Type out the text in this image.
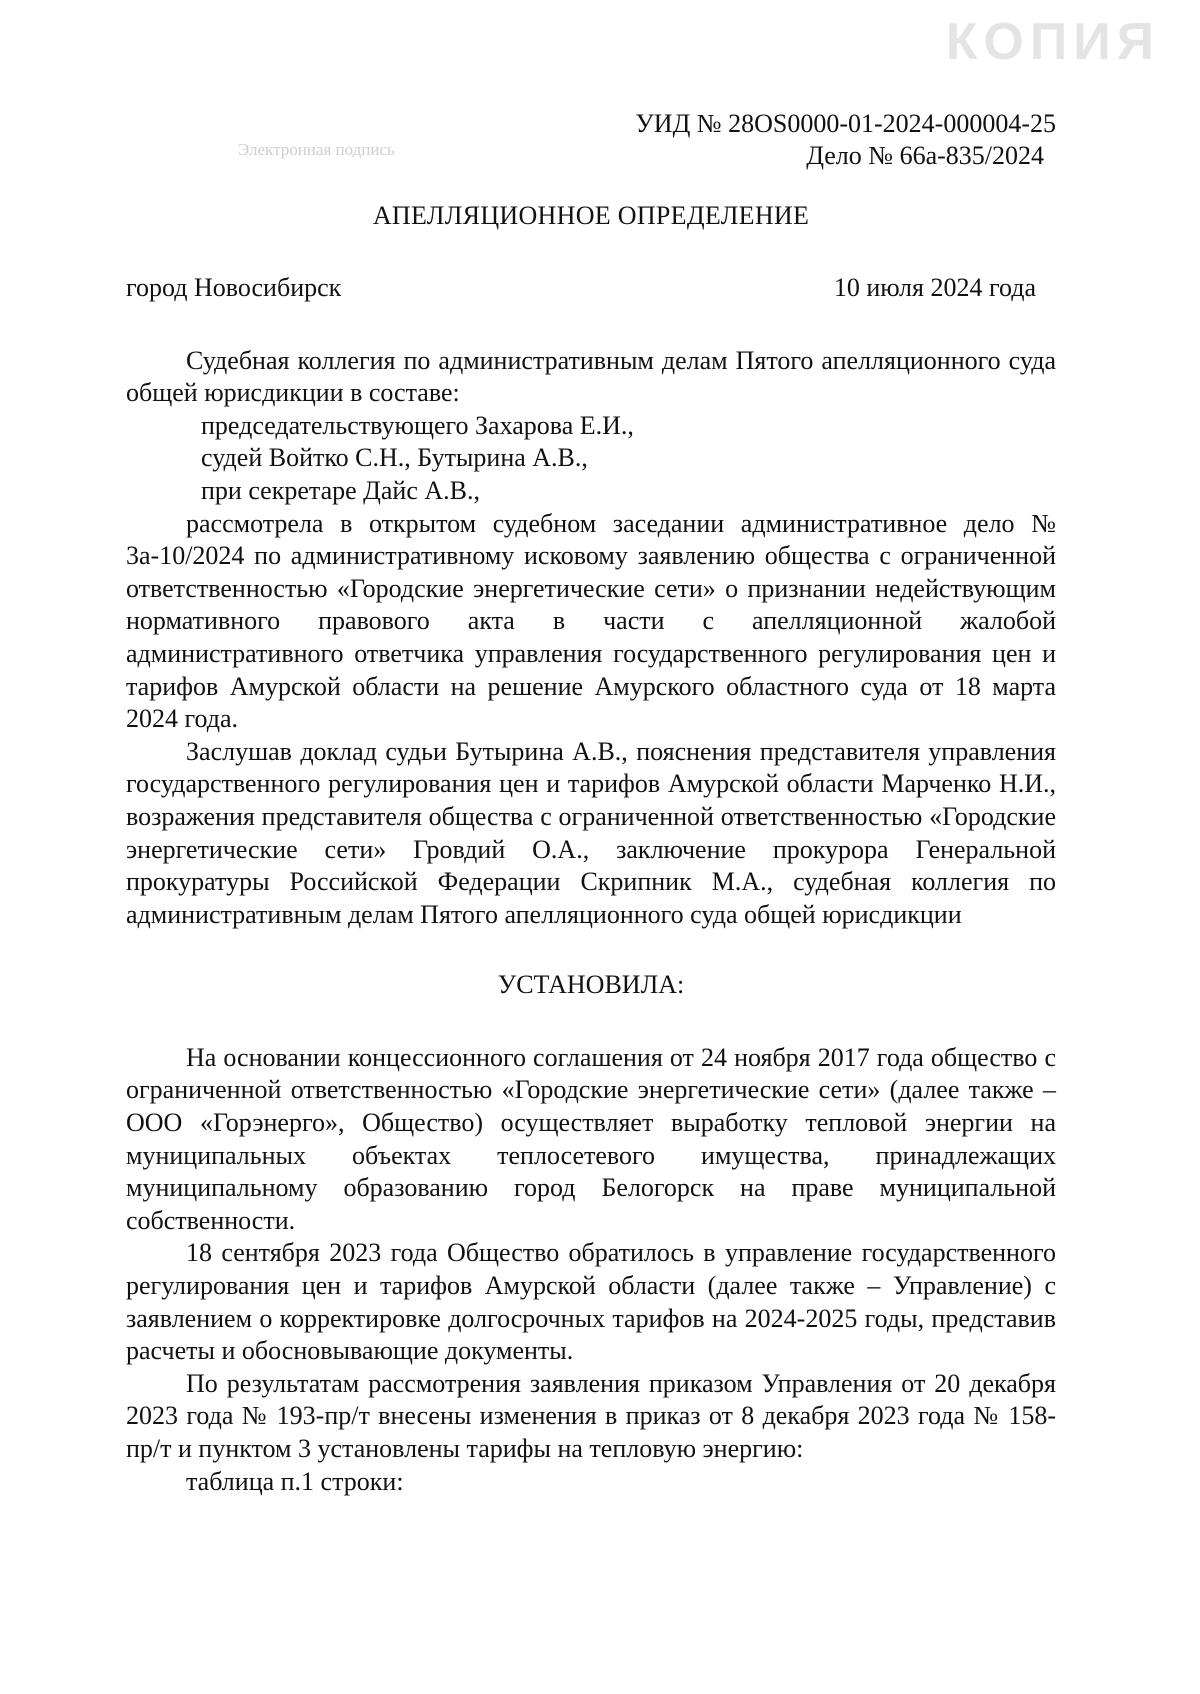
КОПИЯ
Электронная подпись
УИД № 28OS0000-01-2024-000004-25
Дело № 66а-835/2024
АПЕЛЛЯЦИОННОЕ ОПРЕДЕЛЕНИЕ
город Новосибирск	10 июля 2024 года

Судебная коллегия по административным делам Пятого апелляционного суда общей юрисдикции в составе:

председательствующего Захарова Е.И.,

судей Войтко С.Н., Бутырина А.В.,

при секретаре Дайс А.В.,

рассмотрела в открытом судебном заседании административное дело № 3а-10/2024 по административному исковому заявлению общества с ограниченной ответственностью «Городские энергетические сети» о признании недействующим нормативного правового акта в части с апелляционной жалобой административного ответчика управления государственного регулирования цен и тарифов Амурской области на решение Амурского областного суда от 18 марта 2024 года.

Заслушав доклад судьи Бутырина А.В., пояснения представителя управления государственного регулирования цен и тарифов Амурской области Марченко Н.И., возражения представителя общества с ограниченной ответственностью «Городские энергетические сети» Гровдий О.А., заключение прокурора Генеральной прокуратуры Российской Федерации Скрипник М.А., судебная коллегия по административным делам Пятого апелляционного суда общей юрисдикции

УСТАНОВИЛА:

На основании концессионного соглашения от 24 ноября 2017 года общество с ограниченной ответственностью «Городские энергетические сети» (далее также – ООО «Горэнерго», Общество) осуществляет выработку тепловой энергии на муниципальных объектах теплосетевого имущества, принадлежащих муниципальному образованию город Белогорск на праве муниципальной собственности.

18 сентября 2023 года Общество обратилось в управление государственного регулирования цен и тарифов Амурской области (далее также – Управление) с заявлением о корректировке долгосрочных тарифов на 2024-2025 годы, представив расчеты и обосновывающие документы.

По результатам рассмотрения заявления приказом Управления от 20 декабря 2023 года № 193-пр/т внесены изменения в приказ от 8 декабря 2023 года № 158-пр/т и пунктом 3 установлены тарифы на тепловую энергию:

таблица п.1 строки:
